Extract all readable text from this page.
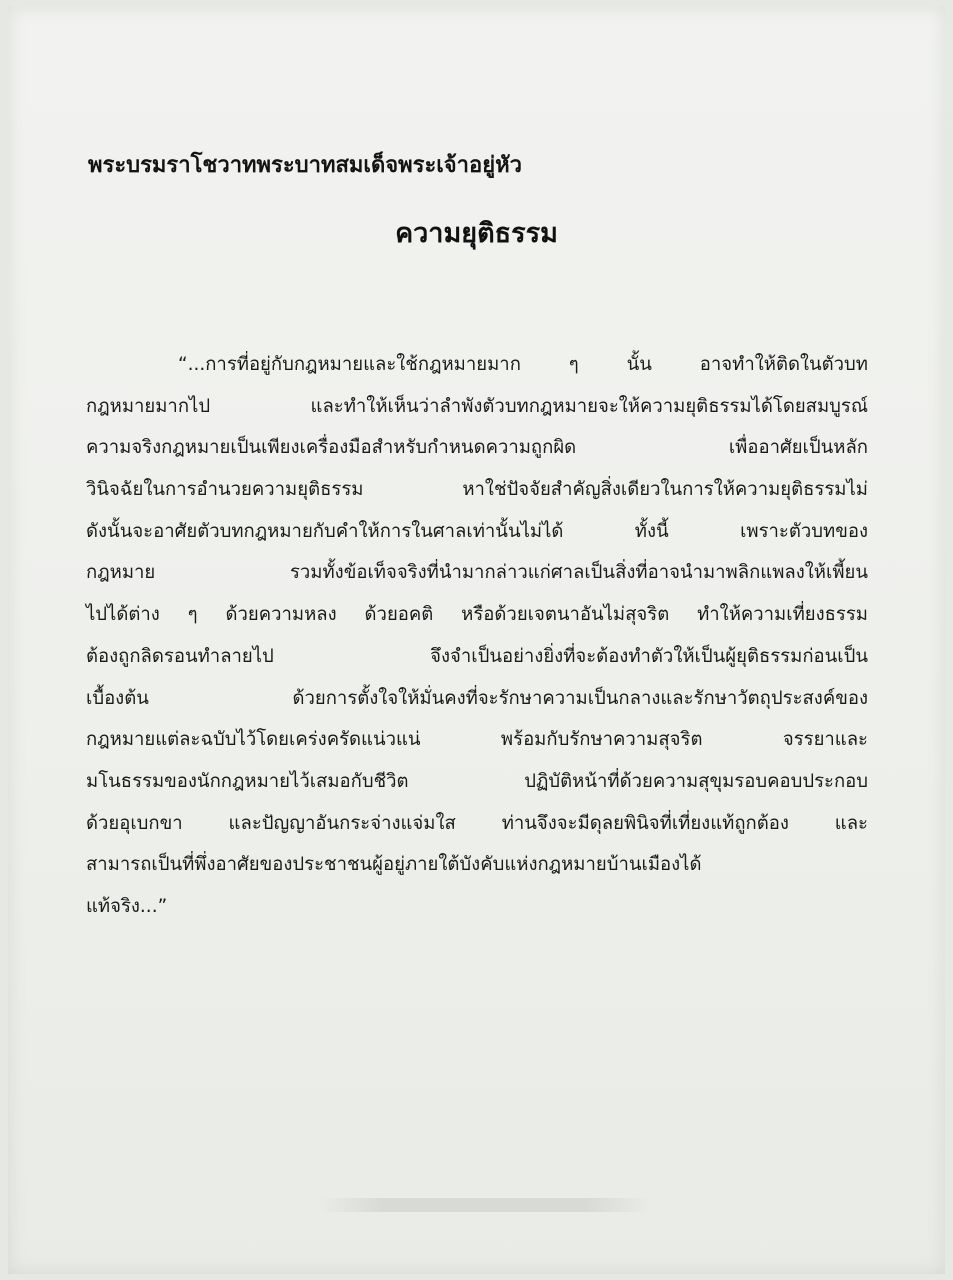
พระบรมราโชวาทพระบาทสมเด็จพระเจ้าอยู่หัว
ความยุติธรรม
“...การที่อยู่กับกฎหมายและใช้กฎหมายมาก ๆ นั้น อาจทำให้ติดในตัวบท
กฎหมายมากไป และทำให้เห็นว่าลำพังตัวบทกฎหมายจะให้ความยุติธรรมได้โดยสมบูรณ์
ความจริงกฎหมายเป็นเพียงเครื่องมือสำหรับกำหนดความถูกผิด เพื่ออาศัยเป็นหลัก
วินิจฉัยในการอำนวยความยุติธรรม หาใช่ปัจจัยสำคัญสิ่งเดียวในการให้ความยุติธรรมไม่
ดังนั้นจะอาศัยตัวบทกฎหมายกับคำให้การในศาลเท่านั้นไม่ได้ ทั้งนี้ เพราะตัวบทของ
กฎหมาย รวมทั้งข้อเท็จจริงที่นำมากล่าวแก่ศาลเป็นสิ่งที่อาจนำมาพลิกแพลงให้เพี้ยน
ไปได้ต่าง ๆ ด้วยความหลง ด้วยอคติ หรือด้วยเจตนาอันไม่สุจริต ทำให้ความเที่ยงธรรม
ต้องถูกลิดรอนทำลายไป จึงจำเป็นอย่างยิ่งที่จะต้องทำตัวให้เป็นผู้ยุติธรรมก่อนเป็น
เบื้องต้น ด้วยการตั้งใจให้มั่นคงที่จะรักษาความเป็นกลางและรักษาวัตถุประสงค์ของ
กฎหมายแต่ละฉบับไว้โดยเคร่งครัดแน่วแน่ พร้อมกับรักษาความสุจริต จรรยาและ
มโนธรรมของนักกฎหมายไว้เสมอกับชีวิต ปฏิบัติหน้าที่ด้วยความสุขุมรอบคอบประกอบ
ด้วยอุเบกขา และปัญญาอันกระจ่างแจ่มใส ท่านจึงจะมีดุลยพินิจที่เที่ยงแท้ถูกต้อง และ
สามารถเป็นที่พึ่งอาศัยของประชาชนผู้อยู่ภายใต้บังคับแห่งกฎหมายบ้านเมืองได้
แท้จริง...”
